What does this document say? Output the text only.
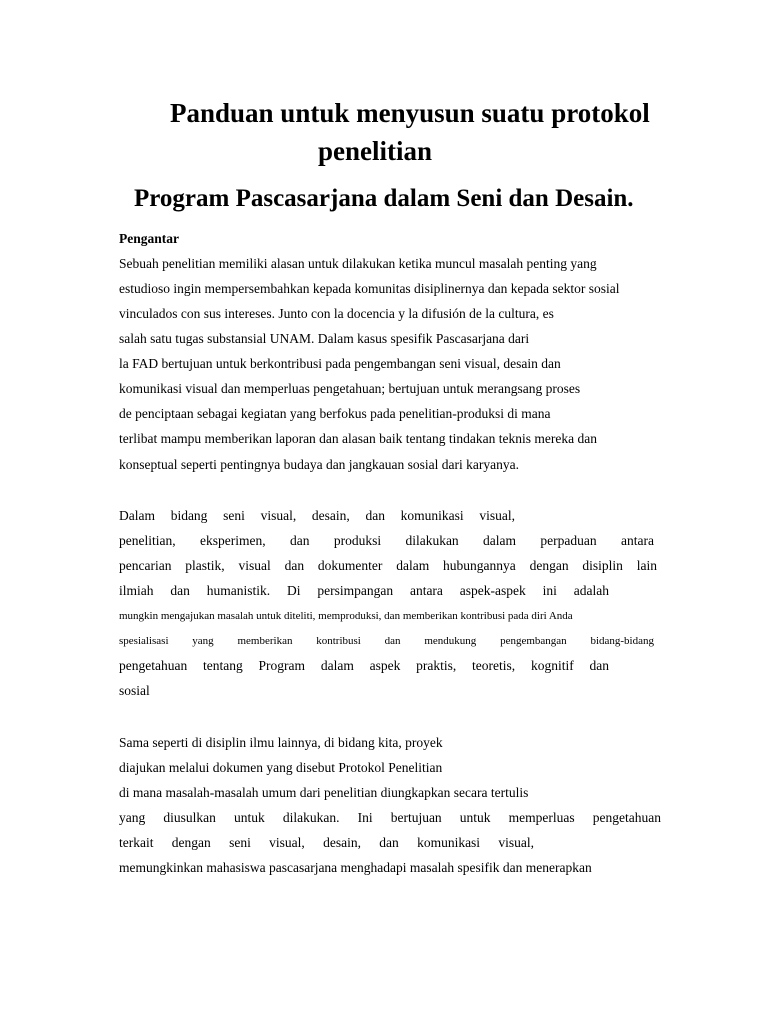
Panduan untuk menyusun suatu protokol
penelitian
Program Pascasarjana dalam Seni dan Desain.
Pengantar
Sebuah penelitian memiliki alasan untuk dilakukan ketika muncul masalah penting yang
estudioso ingin mempersembahkan kepada komunitas disiplinernya dan kepada sektor sosial
vinculados con sus intereses. Junto con la docencia y la difusión de la cultura, es
salah satu tugas substansial UNAM. Dalam kasus spesifik Pascasarjana dari
la FAD bertujuan untuk berkontribusi pada pengembangan seni visual, desain dan
komunikasi visual dan memperluas pengetahuan; bertujuan untuk merangsang proses
de penciptaan sebagai kegiatan yang berfokus pada penelitian-produksi di mana
terlibat mampu memberikan laporan dan alasan baik tentang tindakan teknis mereka dan
konseptual seperti pentingnya budaya dan jangkauan sosial dari karyanya.
Dalam bidang seni visual, desain, dan komunikasi visual,
penelitian, eksperimen, dan produksi dilakukan dalam perpaduan antara
pencarian plastik, visual dan dokumenter dalam hubungannya dengan disiplin lain
ilmiah dan humanistik. Di persimpangan antara aspek-aspek ini adalah
mungkin mengajukan masalah untuk diteliti, memproduksi, dan memberikan kontribusi pada diri Anda
spesialisasi yang memberikan kontribusi dan mendukung pengembangan bidang-bidang
pengetahuan tentang Program dalam aspek praktis, teoretis, kognitif dan
sosial
Sama seperti di disiplin ilmu lainnya, di bidang kita, proyek
diajukan melalui dokumen yang disebut Protokol Penelitian
di mana masalah-masalah umum dari penelitian diungkapkan secara tertulis
yang diusulkan untuk dilakukan. Ini bertujuan untuk memperluas pengetahuan
terkait dengan seni visual, desain, dan komunikasi visual,
memungkinkan mahasiswa pascasarjana menghadapi masalah spesifik dan menerapkan
